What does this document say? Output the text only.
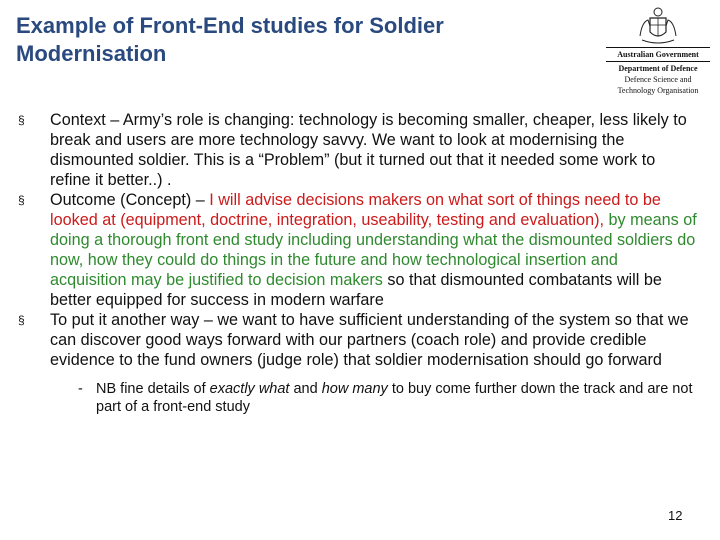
Example of Front-End studies for Soldier
Modernisation	Australian Government
Department of Defence
Defence Science and
Technology Organisation
§	Context – Army’s role is changing: technology is becoming smaller, cheaper, less likely to break and users are more technology savvy. We want to look at modernising the dismounted soldier. This is a “Problem” (but it turned out that it needed some work to refine it better..) .
§	Outcome (Concept) – I will advise decisions makers on what sort of things need to be looked at (equipment, doctrine, integration, useability, testing and evaluation), by means of doing a thorough front end study including understanding what the dismounted soldiers do now, how they could do things in the future and how technological insertion and acquisition may be justified to decision makers so that dismounted combatants will be better equipped for success in modern warfare
§	To put it another way – we want to have sufficient understanding of the system so that we can discover good ways forward with our partners (coach role) and provide credible evidence to the fund owners (judge role) that soldier modernisation should go forward
- NB fine details of exactly what and how many to buy come further down the track and are not part of a front-end study
12
